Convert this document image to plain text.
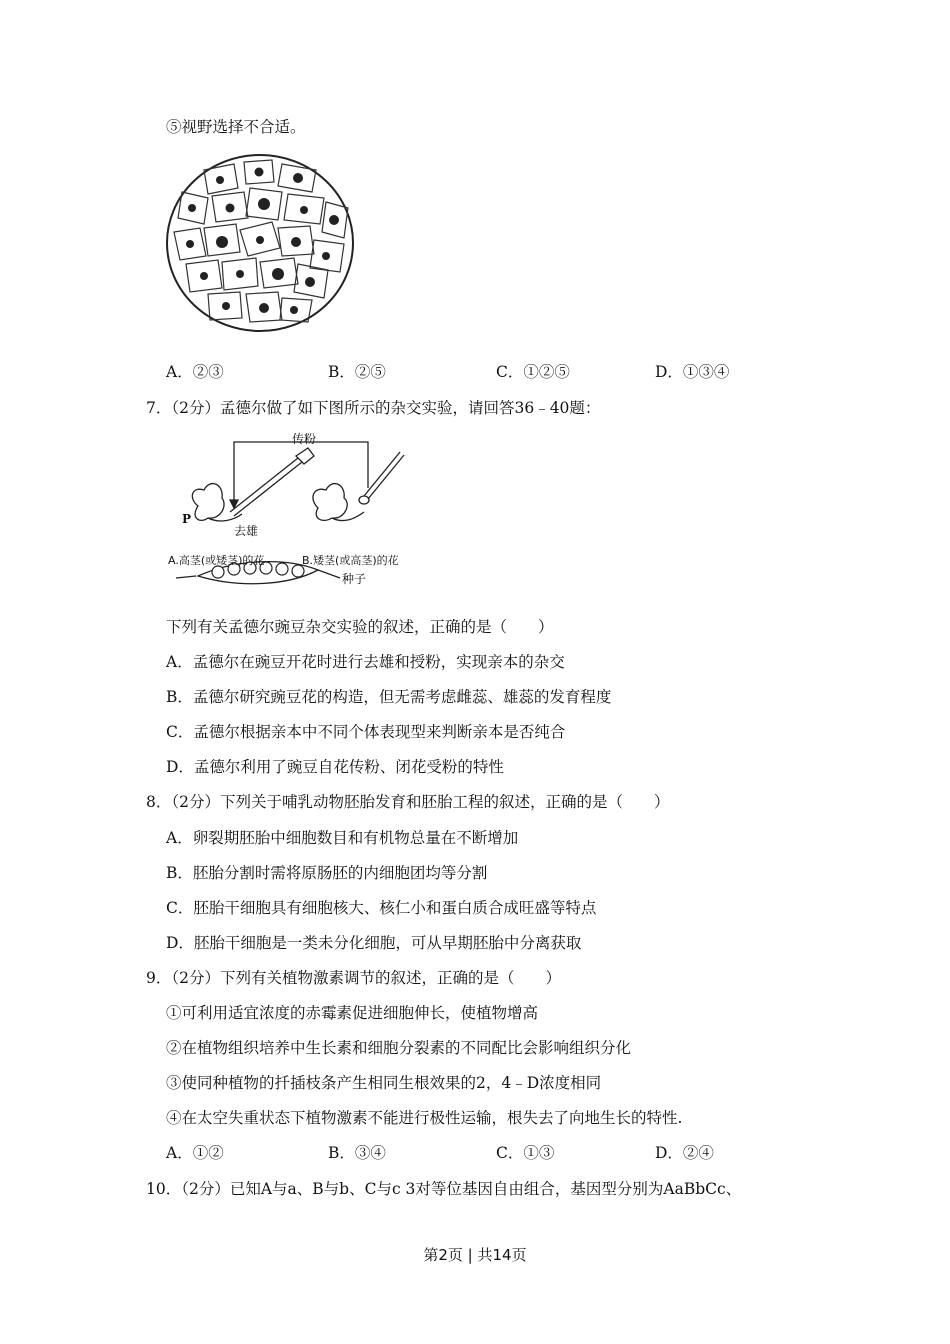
⑤视野选择不合适。
A．②③	B．②⑤	C．①②⑤	D．①③④
7．（2分）孟德尔做了如下图所示的杂交实验，请回答36﹣40题：
传粉
P
去雄
A.高茎(或矮茎)的花	B.矮茎(或高茎)的花
种子
下列有关孟德尔豌豆杂交实验的叙述，正确的是（　　）
A．孟德尔在豌豆开花时进行去雄和授粉，实现亲本的杂交
B．孟德尔研究豌豆花的构造，但无需考虑雌蕊、雄蕊的发育程度
C．孟德尔根据亲本中不同个体表现型来判断亲本是否纯合
D．孟德尔利用了豌豆自花传粉、闭花受粉的特性
8．（2分）下列关于哺乳动物胚胎发育和胚胎工程的叙述，正确的是（　　）
A．卵裂期胚胎中细胞数目和有机物总量在不断增加
B．胚胎分割时需将原肠胚的内细胞团均等分割
C．胚胎干细胞具有细胞核大、核仁小和蛋白质合成旺盛等特点
D．胚胎干细胞是一类未分化细胞，可从早期胚胎中分离获取
9．（2分）下列有关植物激素调节的叙述，正确的是（　　）
①可利用适宜浓度的赤霉素促进细胞伸长，使植物增高
②在植物组织培养中生长素和细胞分裂素的不同配比会影响组织分化
③使同种植物的扦插枝条产生相同生根效果的2，4﹣D浓度相同
④在太空失重状态下植物激素不能进行极性运输，根失去了向地生长的特性.
A．①②	B．③④	C．①③	D．②④
10．（2分）已知A与a、B与b、C与c 3对等位基因自由组合，基因型分别为AaBbCc、
第2页 | 共14页
